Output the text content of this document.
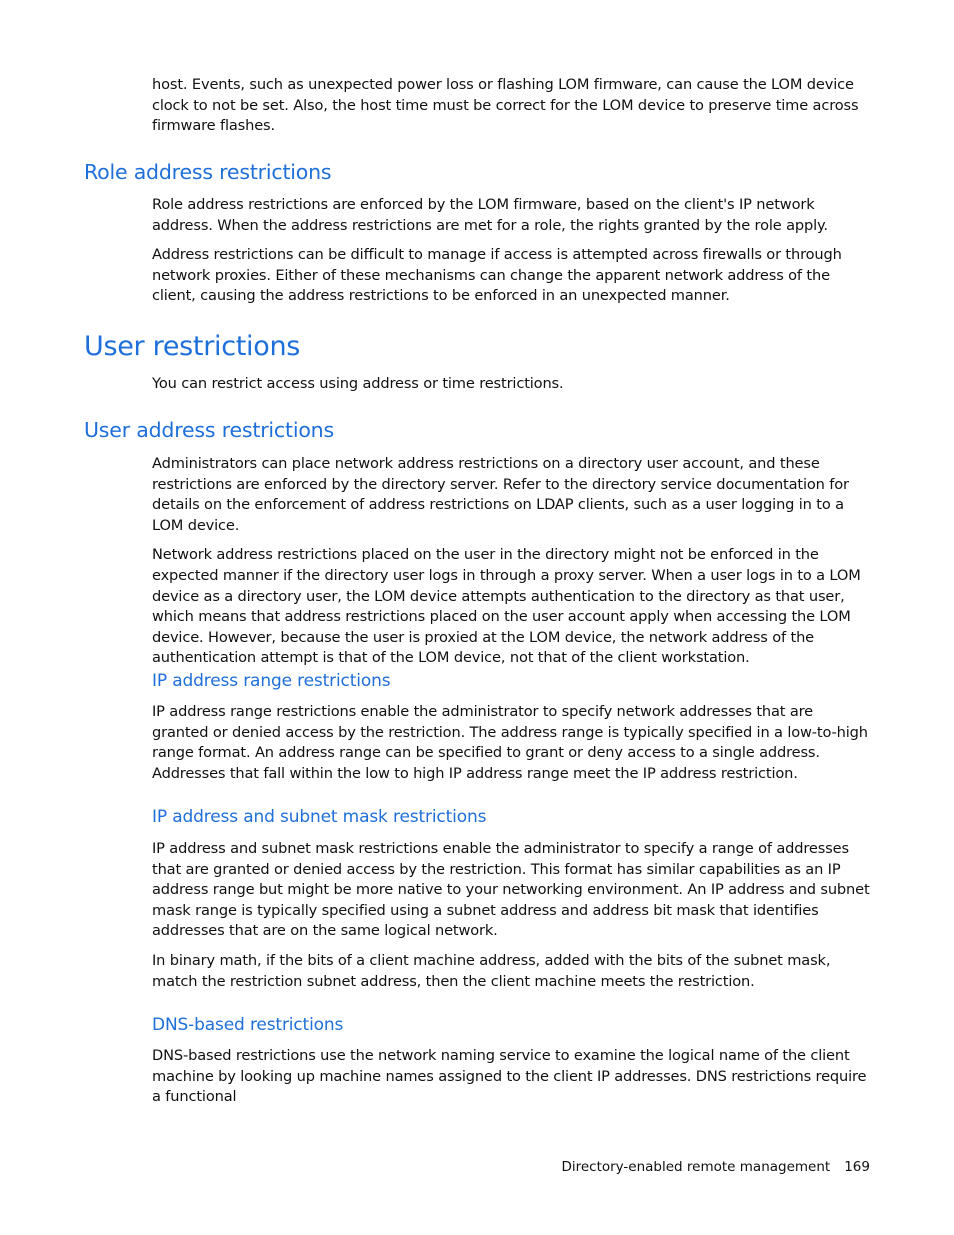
host. Events, such as unexpected power loss or flashing LOM firmware, can cause the LOM device clock to not be set. Also, the host time must be correct for the LOM device to preserve time across firmware flashes.

Role address restrictions

Role address restrictions are enforced by the LOM firmware, based on the client's IP network address. When the address restrictions are met for a role, the rights granted by the role apply.

Address restrictions can be difficult to manage if access is attempted across firewalls or through network proxies. Either of these mechanisms can change the apparent network address of the client, causing the address restrictions to be enforced in an unexpected manner.

User restrictions

You can restrict access using address or time restrictions.

User address restrictions

Administrators can place network address restrictions on a directory user account, and these restrictions are enforced by the directory server. Refer to the directory service documentation for details on the enforcement of address restrictions on LDAP clients, such as a user logging in to a LOM device.

Network address restrictions placed on the user in the directory might not be enforced in the expected manner if the directory user logs in through a proxy server. When a user logs in to a LOM device as a directory user, the LOM device attempts authentication to the directory as that user, which means that address restrictions placed on the user account apply when accessing the LOM device. However, because the user is proxied at the LOM device, the network address of the authentication attempt is that of the LOM device, not that of the client workstation.

IP address range restrictions

IP address range restrictions enable the administrator to specify network addresses that are granted or denied access by the restriction. The address range is typically specified in a low-to-high range format. An address range can be specified to grant or deny access to a single address. Addresses that fall within the low to high IP address range meet the IP address restriction.

IP address and subnet mask restrictions

IP address and subnet mask restrictions enable the administrator to specify a range of addresses that are granted or denied access by the restriction. This format has similar capabilities as an IP address range but might be more native to your networking environment. An IP address and subnet mask range is typically specified using a subnet address and address bit mask that identifies addresses that are on the same logical network.

In binary math, if the bits of a client machine address, added with the bits of the subnet mask, match the restriction subnet address, then the client machine meets the restriction.

DNS-based restrictions

DNS-based restrictions use the network naming service to examine the logical name of the client machine by looking up machine names assigned to the client IP addresses. DNS restrictions require a functional

Directory-enabled remote management 169
